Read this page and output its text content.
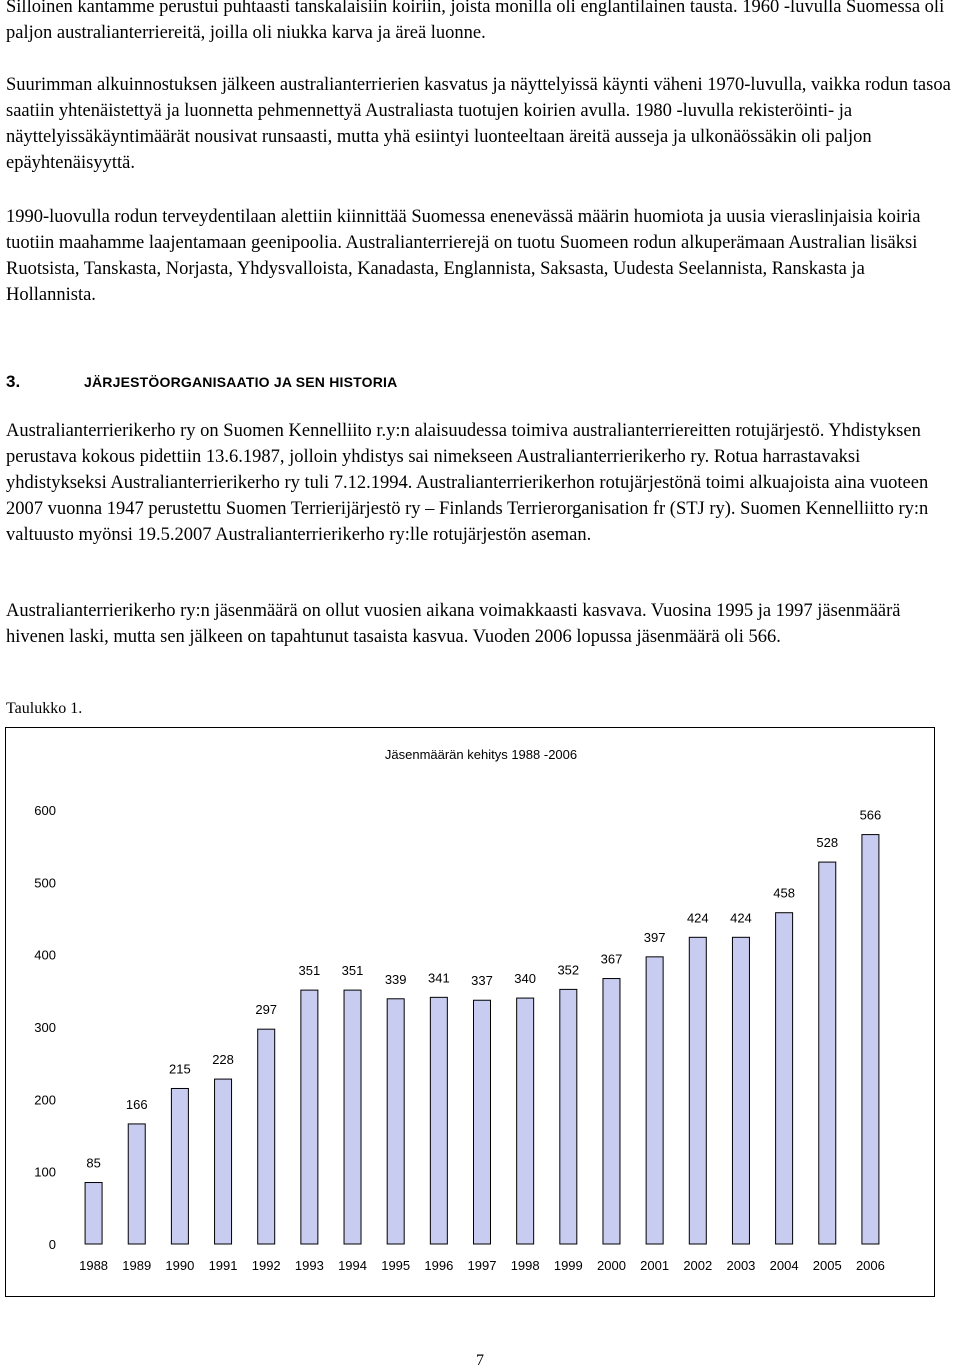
Silloinen kantamme perustui puhtaasti tanskalaisiin koiriin, joista monilla oli englantilainen tausta. 1960 -luvulla Suomessa oli paljon australianterriereitä, joilla oli niukka karva ja äreä luonne.

Suurimman alkuinnostuksen jälkeen australianterrierien kasvatus ja näyttelyissä käynti väheni 1970-luvulla, vaikka rodun tasoa saatiin yhtenäistettyä ja luonnetta pehmennettyä Australiasta tuotujen koirien avulla. 1980 -luvulla rekisteröinti- ja näyttelyissäkäyntimäärät nousivat runsaasti, mutta yhä esiintyi luonteeltaan äreitä ausseja ja ulkonäössäkin oli paljon epäyhtenäisyyttä.

1990-luovulla rodun terveydentilaan alettiin kiinnittää Suomessa enenevässä määrin huomiota ja uusia vieraslinjaisia koiria tuotiin maahamme laajentamaan geenipoolia. Australianterrierejä on tuotu Suomeen rodun alkuperämaan Australian lisäksi Ruotsista, Tanskasta, Norjasta, Yhdysvalloista, Kanadasta, Englannista, Saksasta, Uudesta Seelannista, Ranskasta ja Hollannista.

3.	JÄRJESTÖORGANISAATIO JA SEN HISTORIA

Australianterrierikerho ry on Suomen Kennelliito r.y:n alaisuudessa toimiva australianterriereitten rotujärjestö. Yhdistyksen perustava kokous pidettiin 13.6.1987, jolloin yhdistys sai nimekseen Australianterrierikerho ry. Rotua harrastavaksi yhdistykseksi Australianterrierikerho ry tuli 7.12.1994. Australianterrierikerhon rotujärjestönä toimi alkuajoista aina vuoteen 2007 vuonna 1947 perustettu Suomen Terrierijärjestö ry – Finlands Terrierorganisation fr (STJ ry). Suomen Kennelliitto ry:n valtuusto myönsi 19.5.2007 Australianterrierikerho ry:lle rotujärjestön aseman.

Australianterrierikerho ry:n jäsenmäärä on ollut vuosien aikana voimakkaasti kasvava. Vuosina 1995 ja 1997 jäsenmäärä hivenen laski, mutta sen jälkeen on tapahtunut tasaista kasvua. Vuoden 2006 lopussa jäsenmäärä oli 566.

Taulukko 1.

Jäsenmäärän kehitys 1988 -2006
0
100
200
300
400
500
600
85
166
215
228
297
351 351
339 341 337 340
352
367
397
424 424
458
528
566
1988 1989 1990 1991 1992 1993 1994 1995 1996 1997 1998 1999 2000 2001 2002 2003 2004 2005 2006

7
